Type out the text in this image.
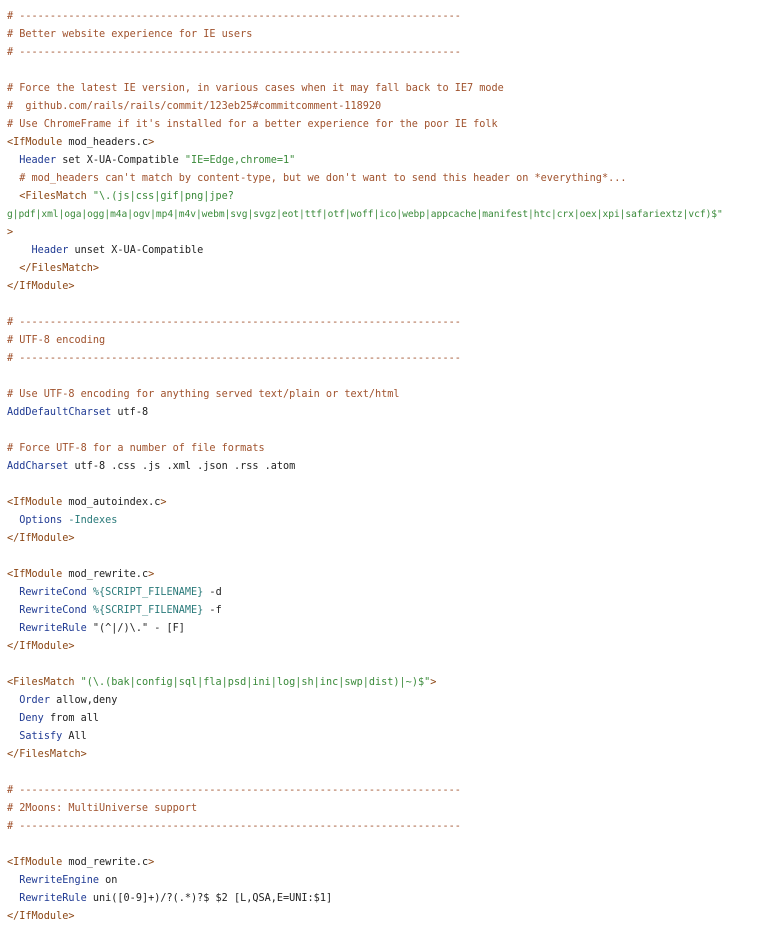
# ------------------------------------------------------------------------
# Better website experience for IE users
# ------------------------------------------------------------------------
# Force the latest IE version, in various cases when it may fall back to IE7 mode
#  github.com/rails/rails/commit/123eb25#commitcomment-118920
# Use ChromeFrame if it's installed for a better experience for the poor IE folk
<IfModule mod_headers.c>
Header set X-UA-Compatible "IE=Edge,chrome=1"
# mod_headers can't match by content-type, but we don't want to send this header on *everything*...
<FilesMatch "\.(js|css|gif|png|jpe?
g|pdf|xml|oga|ogg|m4a|ogv|mp4|m4v|webm|svg|svgz|eot|ttf|otf|woff|ico|webp|appcache|manifest|htc|crx|oex|xpi|safariextz|vcf)$"
>
Header unset X-UA-Compatible
</FilesMatch>
</IfModule>
# ------------------------------------------------------------------------
# UTF-8 encoding
# ------------------------------------------------------------------------
# Use UTF-8 encoding for anything served text/plain or text/html
AddDefaultCharset utf-8
# Force UTF-8 for a number of file formats
AddCharset utf-8 .css .js .xml .json .rss .atom
<IfModule mod_autoindex.c>
Options -Indexes
</IfModule>
<IfModule mod_rewrite.c>
RewriteCond %{SCRIPT_FILENAME} -d
RewriteCond %{SCRIPT_FILENAME} -f
RewriteRule "(^|/)\." - [F]
</IfModule>
<FilesMatch "(\.(bak|config|sql|fla|psd|ini|log|sh|inc|swp|dist)|~)$">
Order allow,deny
Deny from all
Satisfy All
</FilesMatch>
# ------------------------------------------------------------------------
# 2Moons: MultiUniverse support
# ------------------------------------------------------------------------
<IfModule mod_rewrite.c>
RewriteEngine on
RewriteRule uni([0-9]+)/?(.*)?$ $2 [L,QSA,E=UNI:$1]
</IfModule>
